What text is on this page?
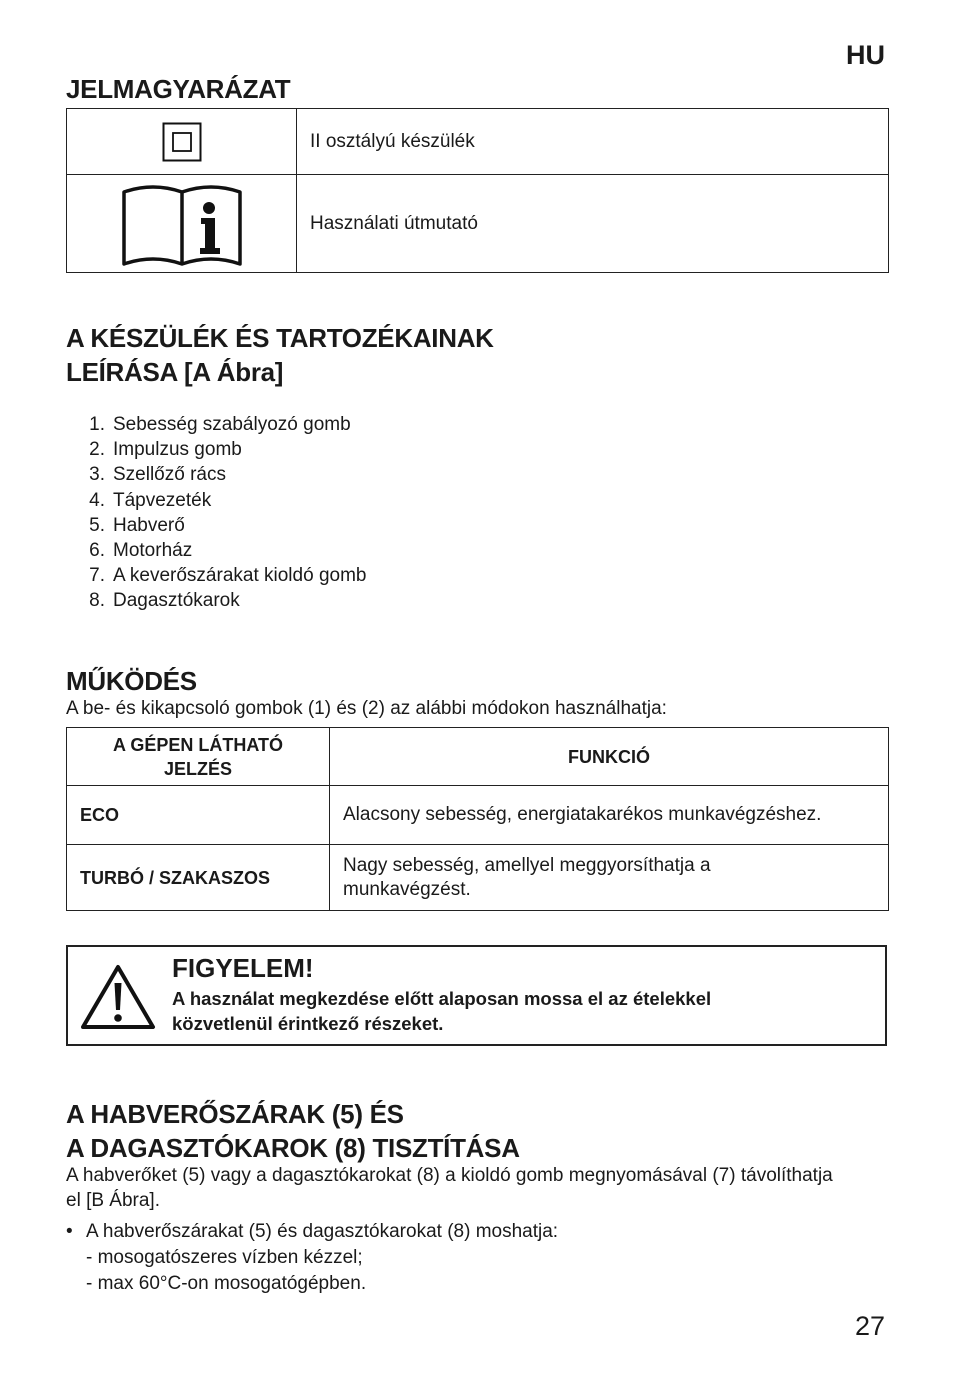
HU
JELMAGYARÁZAT
	II osztályú készülék

	Használati útmutató
A KÉSZÜLÉK ÉS TARTOZÉKAINAK
LEÍRÁSA [A Ábra]
1. Sebesség szabályozó gomb
2. Impulzus gomb
3. Szellőző rács
4. Tápvezeték
5. Habverő
6. Motorház
7. A keverőszárakat kioldó gomb
8. Dagasztókarok
MŰKÖDÉS
A be- és kikapcsoló gombok (1) és (2) az alábbi módokon használhatja:
A GÉPEN LÁTHATÓ
JELZÉS	FUNKCIÓ
ECO	Alacsony sebesség, energiatakarékos munkavégzéshez.
TURBÓ / SZAKASZOS	Nagy sebesség, amellyel meggyorsíthatja a
munkavégzést.
FIGYELEM!
A használat megkezdése előtt alaposan mossa el az ételekkel
közvetlenül érintkező részeket.
A HABVERŐSZÁRAK (5) ÉS
A DAGASZTÓKAROK (8) TISZTÍTÁSA
A habverőket (5) vagy a dagasztókarokat (8) a kioldó gomb megnyomásával (7) távolíthatja
el [B Ábra].
• A habverőszárakat (5) és dagasztókarokat (8) moshatja:
- mosogatószeres vízben kézzel;
- max 60°C-on mosogatógépben.
27
